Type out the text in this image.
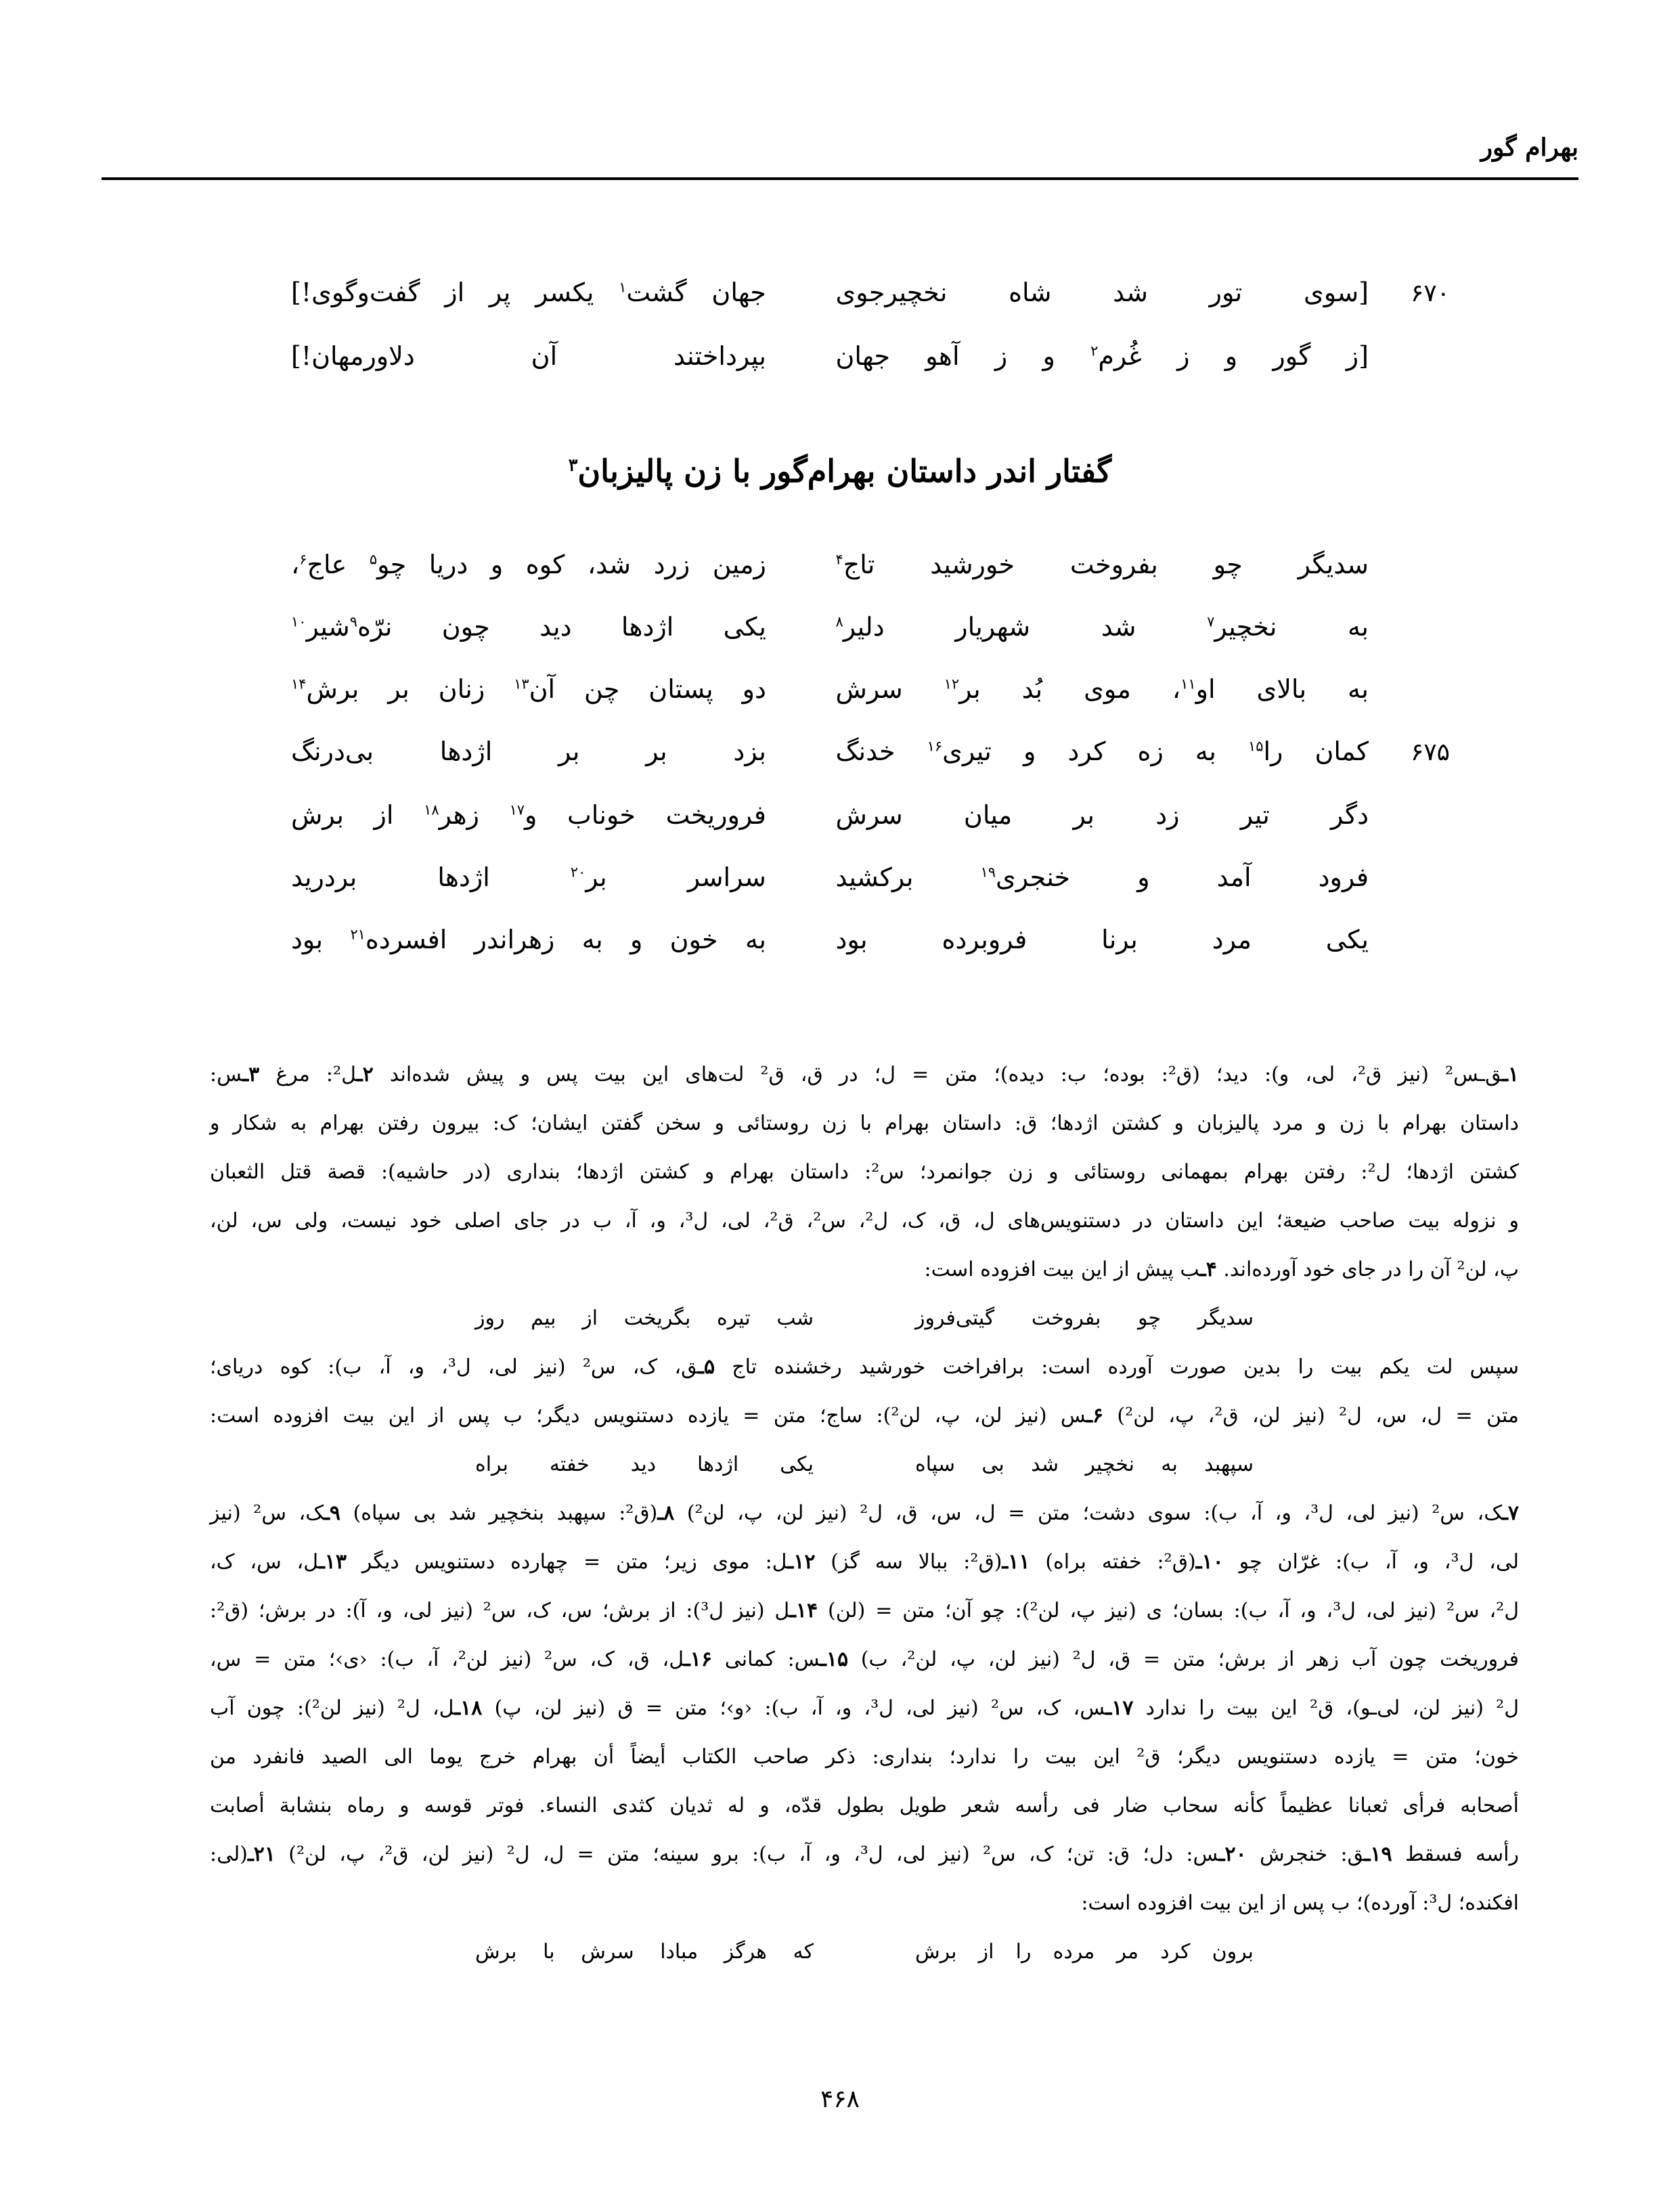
بهرام گور
۶۷۰
[سوی تور شد شاه نخچیرجوی
جهان گشت$^۱$ یکسر پر از گفت‌وگوی!]
[ز گور و ز غُرم$^۲$ و ز آهو جهان
بپرداختند آن دلاورمهان!]
گفتار اندر داستان بهرام‌گور با زن پالیزبان$^۳$
سدیگر چو بفروخت خورشید تاج$^۴$
زمین زرد شد، کوه و دریا چو$^۵$ عاج$^۶$،
به نخچیر$^۷$ شد شهریار دلیر$^۸$
یکی اژدها دید چون نرّه$^۹$شیر$^{۱۰}$
به بالای او$^{۱۱}$، موی بُد بر$^{۱۲}$ سرش
دو پستان چن آن$^{۱۳}$ زنان بر برش$^{۱۴}$
۶۷۵
کمان را$^{۱۵}$ به زه کرد و تیری$^{۱۶}$ خدنگ
بزد بر بر اژدها بی‌درنگ
دگر تیر زد بر میان سرش
فروریخت خوناب و$^{۱۷}$ زهر$^{۱۸}$ از برش
فرود آمد و خنجری$^{۱۹}$ برکشید
سراسر بر$^{۲۰}$ اژدها بردرید
یکی مرد برنا فروبرده بود
به خون و به زهراندر افسرده$^{۲۱}$ بود
۱ـق‌ـس² (نیز ق²، لی، و): دید؛ (ق²: بوده؛ ب: دیده)؛ متن = ل؛ در ق، ق² لت‌های این بیت پس و پیش شده‌اند ۲ـل²: مرغ ۳ـس:
داستان بهرام با زن و مرد پالیزبان و کشتن اژدها؛ ق: داستان بهرام با زن روستائی و سخن گفتن ایشان؛ ک: بیرون رفتن بهرام به شکار و
کشتن اژدها؛ ل²: رفتن بهرام بمهمانی روستائی و زن جوانمرد؛ س²: داستان بهرام و کشتن اژدها؛ بنداری (در حاشیه): قصة قتل الثعبان
و نزوله بیت صاحب ضیعة؛ این داستان در دستنویس‌های ل، ق، ک، ل²، س²، ق²، لی، ل³، و، آ، ب در جای اصلی خود نیست، ولی س، لن،
پ، لن² آن را در جای خود آورده‌اند. ۴ـب پیش از این بیت افزوده است:
سدیگر چو بفروخت گیتی‌فروز
شب تیره بگریخت از بیم روز
سپس لت یکم بیت را بدین صورت آورده است: برافراخت خورشید رخشنده تاج ۵ـق، ک، س² (نیز لی، ل³، و، آ، ب): کوه دریای؛
متن = ل، س، ل² (نیز لن، ق²، پ، لن²) ۶ـس (نیز لن، پ، لن²): ساج؛ متن = یازده دستنویس دیگر؛ ب پس از این بیت افزوده است:
سپهبد به نخچیر شد بی سپاه
یکی اژدها دید خفته براه
۷ـک، س² (نیز لی، ل³، و، آ، ب): سوی دشت؛ متن = ل، س، ق، ل² (نیز لن، پ، لن²) ۸ـ(ق²: سپهبد بنخچیر شد بی سپاه) ۹ـک، س² (نیز
لی، ل³، و، آ، ب): غرّان چو ۱۰ـ(ق²: خفته براه) ۱۱ـ(ق²: ببالا سه گز) ۱۲ـل: موی زیر؛ متن = چهارده دستنویس دیگر ۱۳ـل، س، ک،
ل²، س² (نیز لی، ل³، و، آ، ب): بسان؛ ی (نیز پ، لن²): چو آن؛ متن = (لن) ۱۴ـل (نیز ل³): از برش؛ س، ک، س² (نیز لی، و، آ): در برش؛ (ق²:
فروریخت چون آب زهر از برش؛ متن = ق، ل² (نیز لن، پ، لن²، ب) ۱۵ـس: کمانی ۱۶ـل، ق، ک، س² (نیز لن²، آ، ب): ‹ی›؛ متن = س،
ل² (نیز لن، لی‌ـو)، ق² این بیت را ندارد ۱۷ـس، ک، س² (نیز لی، ل³، و، آ، ب): ‹و›؛ متن = ق (نیز لن، پ) ۱۸ـل، ل² (نیز لن²): چون آب
خون؛ متن = یازده دستنویس دیگر؛ ق² این بیت را ندارد؛ بنداری: ذکر صاحب الکتاب أیضاً أن بهرام خرج یوما الی الصید فانفرد من
أصحابه فرأی ثعبانا عظیماً کأنه سحاب ضار فی رأسه شعر طویل بطول قدّه، و له ثدیان کثدی النساء. فوتر قوسه و رماه بنشابة أصابت
رأسه فسقط ۱۹ـق: خنجرش ۲۰ـس: دل؛ ق: تن؛ ک، س² (نیز لی، ل³، و، آ، ب): برو سینه؛ متن = ل، ل² (نیز لن، ق²، پ، لن²) ۲۱ـ(لی:
افکنده؛ ل³: آورده)؛ ب پس از این بیت افزوده است:
برون کرد مر مرده را از برش
که هرگز مبادا سرش با برش
۴۶۸
